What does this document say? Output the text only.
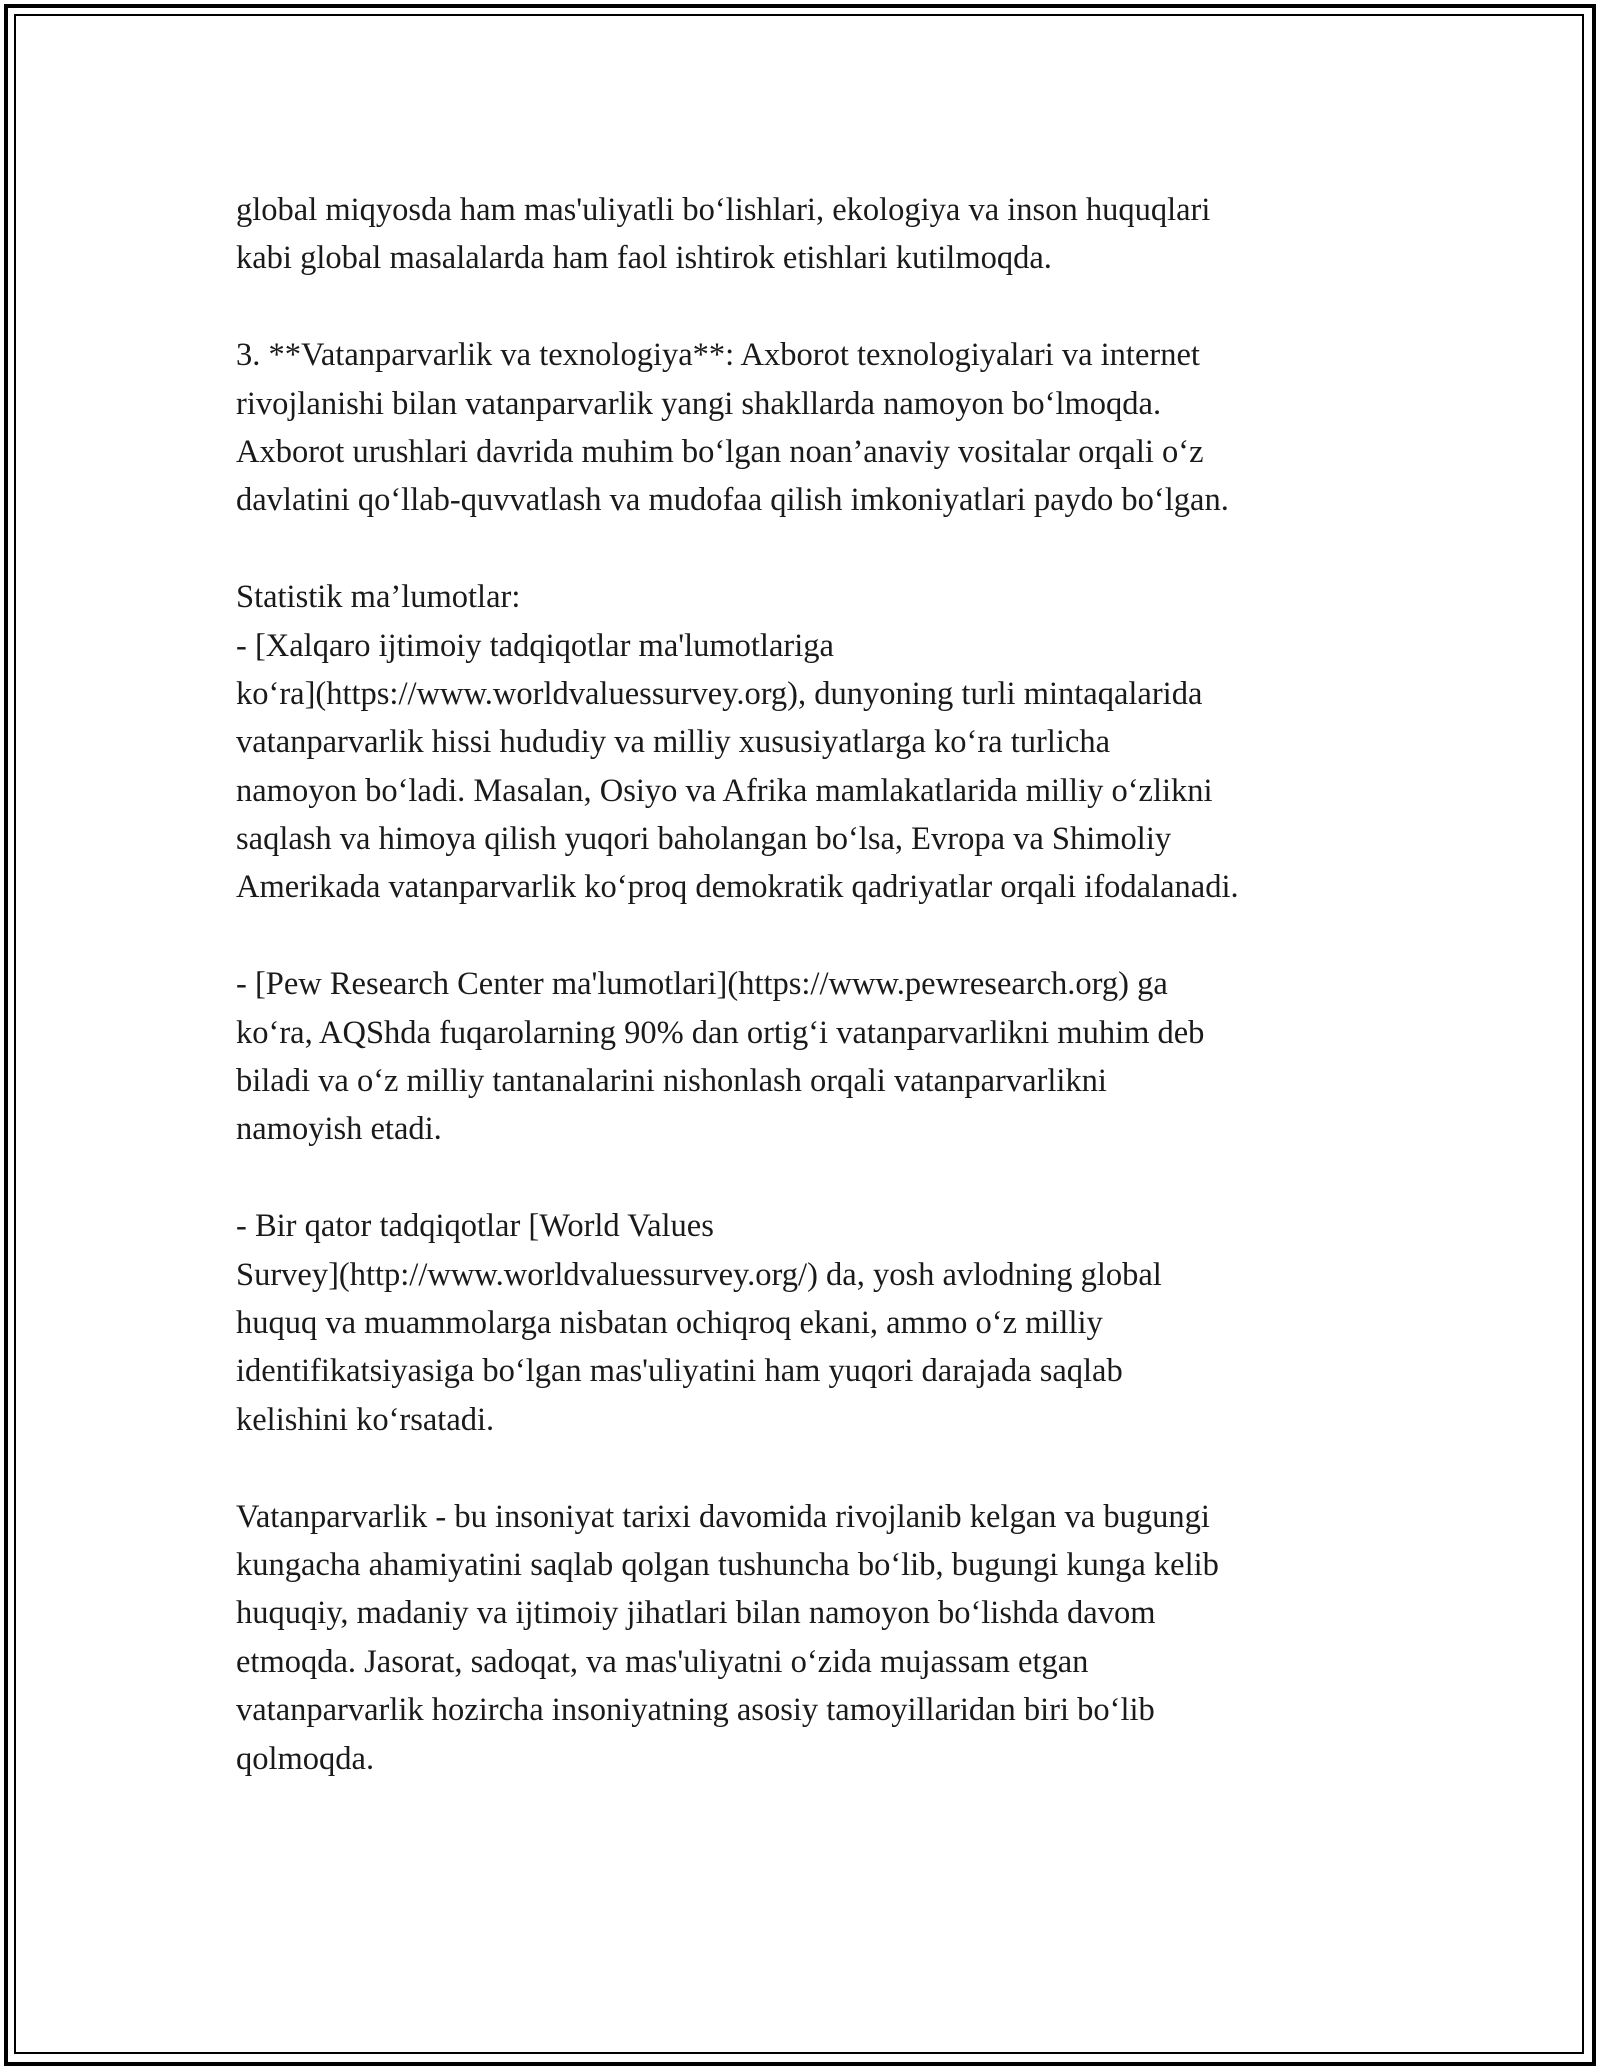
global miqyosda ham mas'uliyatli bo‘lishlari, ekologiya va inson huquqlari
kabi global masalalarda ham faol ishtirok etishlari kutilmoqda.
3. **Vatanparvarlik va texnologiya**: Axborot texnologiyalari va internet
rivojlanishi bilan vatanparvarlik yangi shakllarda namoyon bo‘lmoqda.
Axborot urushlari davrida muhim bo‘lgan noan’anaviy vositalar orqali o‘z
davlatini qo‘llab-quvvatlash va mudofaa qilish imkoniyatlari paydo bo‘lgan.
Statistik ma’lumotlar:
- [Xalqaro ijtimoiy tadqiqotlar ma'lumotlariga
ko‘ra](https://www.worldvaluessurvey.org), dunyoning turli mintaqalarida
vatanparvarlik hissi hududiy va milliy xususiyatlarga ko‘ra turlicha
namoyon bo‘ladi. Masalan, Osiyo va Afrika mamlakatlarida milliy o‘zlikni
saqlash va himoya qilish yuqori baholangan bo‘lsa, Evropa va Shimoliy
Amerikada vatanparvarlik ko‘proq demokratik qadriyatlar orqali ifodalanadi.
- [Pew Research Center ma'lumotlari](https://www.pewresearch.org) ga
ko‘ra, AQShda fuqarolarning 90% dan ortig‘i vatanparvarlikni muhim deb
biladi va o‘z milliy tantanalarini nishonlash orqali vatanparvarlikni
namoyish etadi.
- Bir qator tadqiqotlar [World Values
Survey](http://www.worldvaluessurvey.org/) da, yosh avlodning global
huquq va muammolarga nisbatan ochiqroq ekani, ammo o‘z milliy
identifikatsiyasiga bo‘lgan mas'uliyatini ham yuqori darajada saqlab
kelishini ko‘rsatadi.
Vatanparvarlik - bu insoniyat tarixi davomida rivojlanib kelgan va bugungi
kungacha ahamiyatini saqlab qolgan tushuncha bo‘lib, bugungi kunga kelib
huquqiy, madaniy va ijtimoiy jihatlari bilan namoyon bo‘lishda davom
etmoqda. Jasorat, sadoqat, va mas'uliyatni o‘zida mujassam etgan
vatanparvarlik hozircha insoniyatning asosiy tamoyillaridan biri bo‘lib
qolmoqda.
